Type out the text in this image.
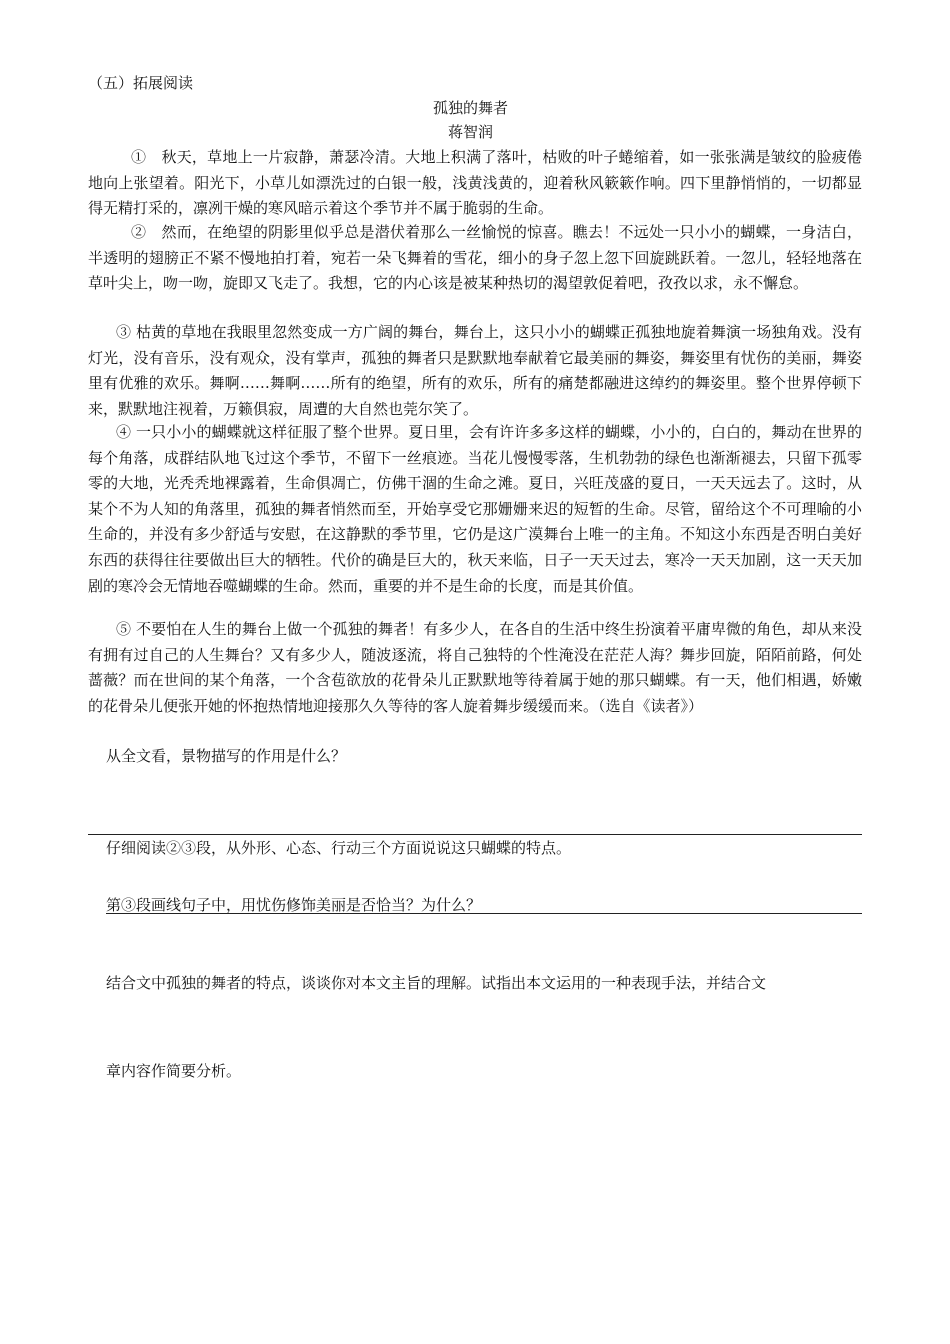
（五）拓展阅读
孤独的舞者
蒋智润
①　秋天，草地上一片寂静，萧瑟冷清。大地上积满了落叶，枯败的叶子蜷缩着，如一张张满是皱纹的脸疲倦地向上张望着。阳光下，小草儿如漂洗过的白银一般，浅黄浅黄的，迎着秋风簌簌作响。四下里静悄悄的，一切都显得无精打采的，凛冽干燥的寒风暗示着这个季节并不属于脆弱的生命。
②　然而，在绝望的阴影里似乎总是潜伏着那么一丝愉悦的惊喜。瞧去！不远处一只小小的蝴蝶，一身洁白，半透明的翅膀正不紧不慢地拍打着，宛若一朵飞舞着的雪花，细小的身子忽上忽下回旋跳跃着。一忽儿，轻轻地落在草叶尖上，吻一吻，旋即又飞走了。我想，它的内心该是被某种热切的渴望敦促着吧，孜孜以求，永不懈怠。
③ 枯黄的草地在我眼里忽然变成一方广阔的舞台，舞台上，这只小小的蝴蝶正孤独地旋着舞演一场独角戏。没有灯光，没有音乐，没有观众，没有掌声，孤独的舞者只是默默地奉献着它最美丽的舞姿，舞姿里有忧伤的美丽，舞姿里有优雅的欢乐。舞啊……舞啊……所有的绝望，所有的欢乐，所有的痛楚都融进这绰约的舞姿里。整个世界停顿下来，默默地注视着，万籁俱寂，周遭的大自然也莞尔笑了。
④ 一只小小的蝴蝶就这样征服了整个世界。夏日里，会有许许多多这样的蝴蝶，小小的，白白的，舞动在世界的每个角落，成群结队地飞过这个季节，不留下一丝痕迹。当花儿慢慢零落，生机勃勃的绿色也渐渐褪去，只留下孤零零的大地，光秃秃地裸露着，生命俱凋亡，仿佛干涸的生命之滩。夏日，兴旺茂盛的夏日，一天天远去了。这时，从某个不为人知的角落里，孤独的舞者悄然而至，开始享受它那姗姗来迟的短暂的生命。尽管，留给这个不可理喻的小生命的，并没有多少舒适与安慰，在这静默的季节里，它仍是这广漠舞台上唯一的主角。不知这小东西是否明白美好东西的获得往往要做出巨大的牺牲。代价的确是巨大的，秋天来临，日子一天天过去，寒冷一天天加剧，这一天天加剧的寒冷会无情地吞噬蝴蝶的生命。然而，重要的并不是生命的长度，而是其价值。
⑤ 不要怕在人生的舞台上做一个孤独的舞者！有多少人，在各自的生活中终生扮演着平庸卑微的角色，却从来没有拥有过自己的人生舞台？又有多少人，随波逐流，将自己独特的个性淹没在茫茫人海？舞步回旋，陌陌前路，何处蔷薇？而在世间的某个角落，一个含苞欲放的花骨朵儿正默默地等待着属于她的那只蝴蝶。有一天，他们相遇，娇嫩的花骨朵儿便张开她的怀抱热情地迎接那久久等待的客人旋着舞步缓缓而来。（选自《读者》）
从全文看，景物描写的作用是什么？
仔细阅读②③段，从外形、心态、行动三个方面说说这只蝴蝶的特点。
第③段画线句子中，用忧伤修饰美丽是否恰当？为什么？
结合文中孤独的舞者的特点，谈谈你对本文主旨的理解。试指出本文运用的一种表现手法，并结合文
章内容作简要分析。
